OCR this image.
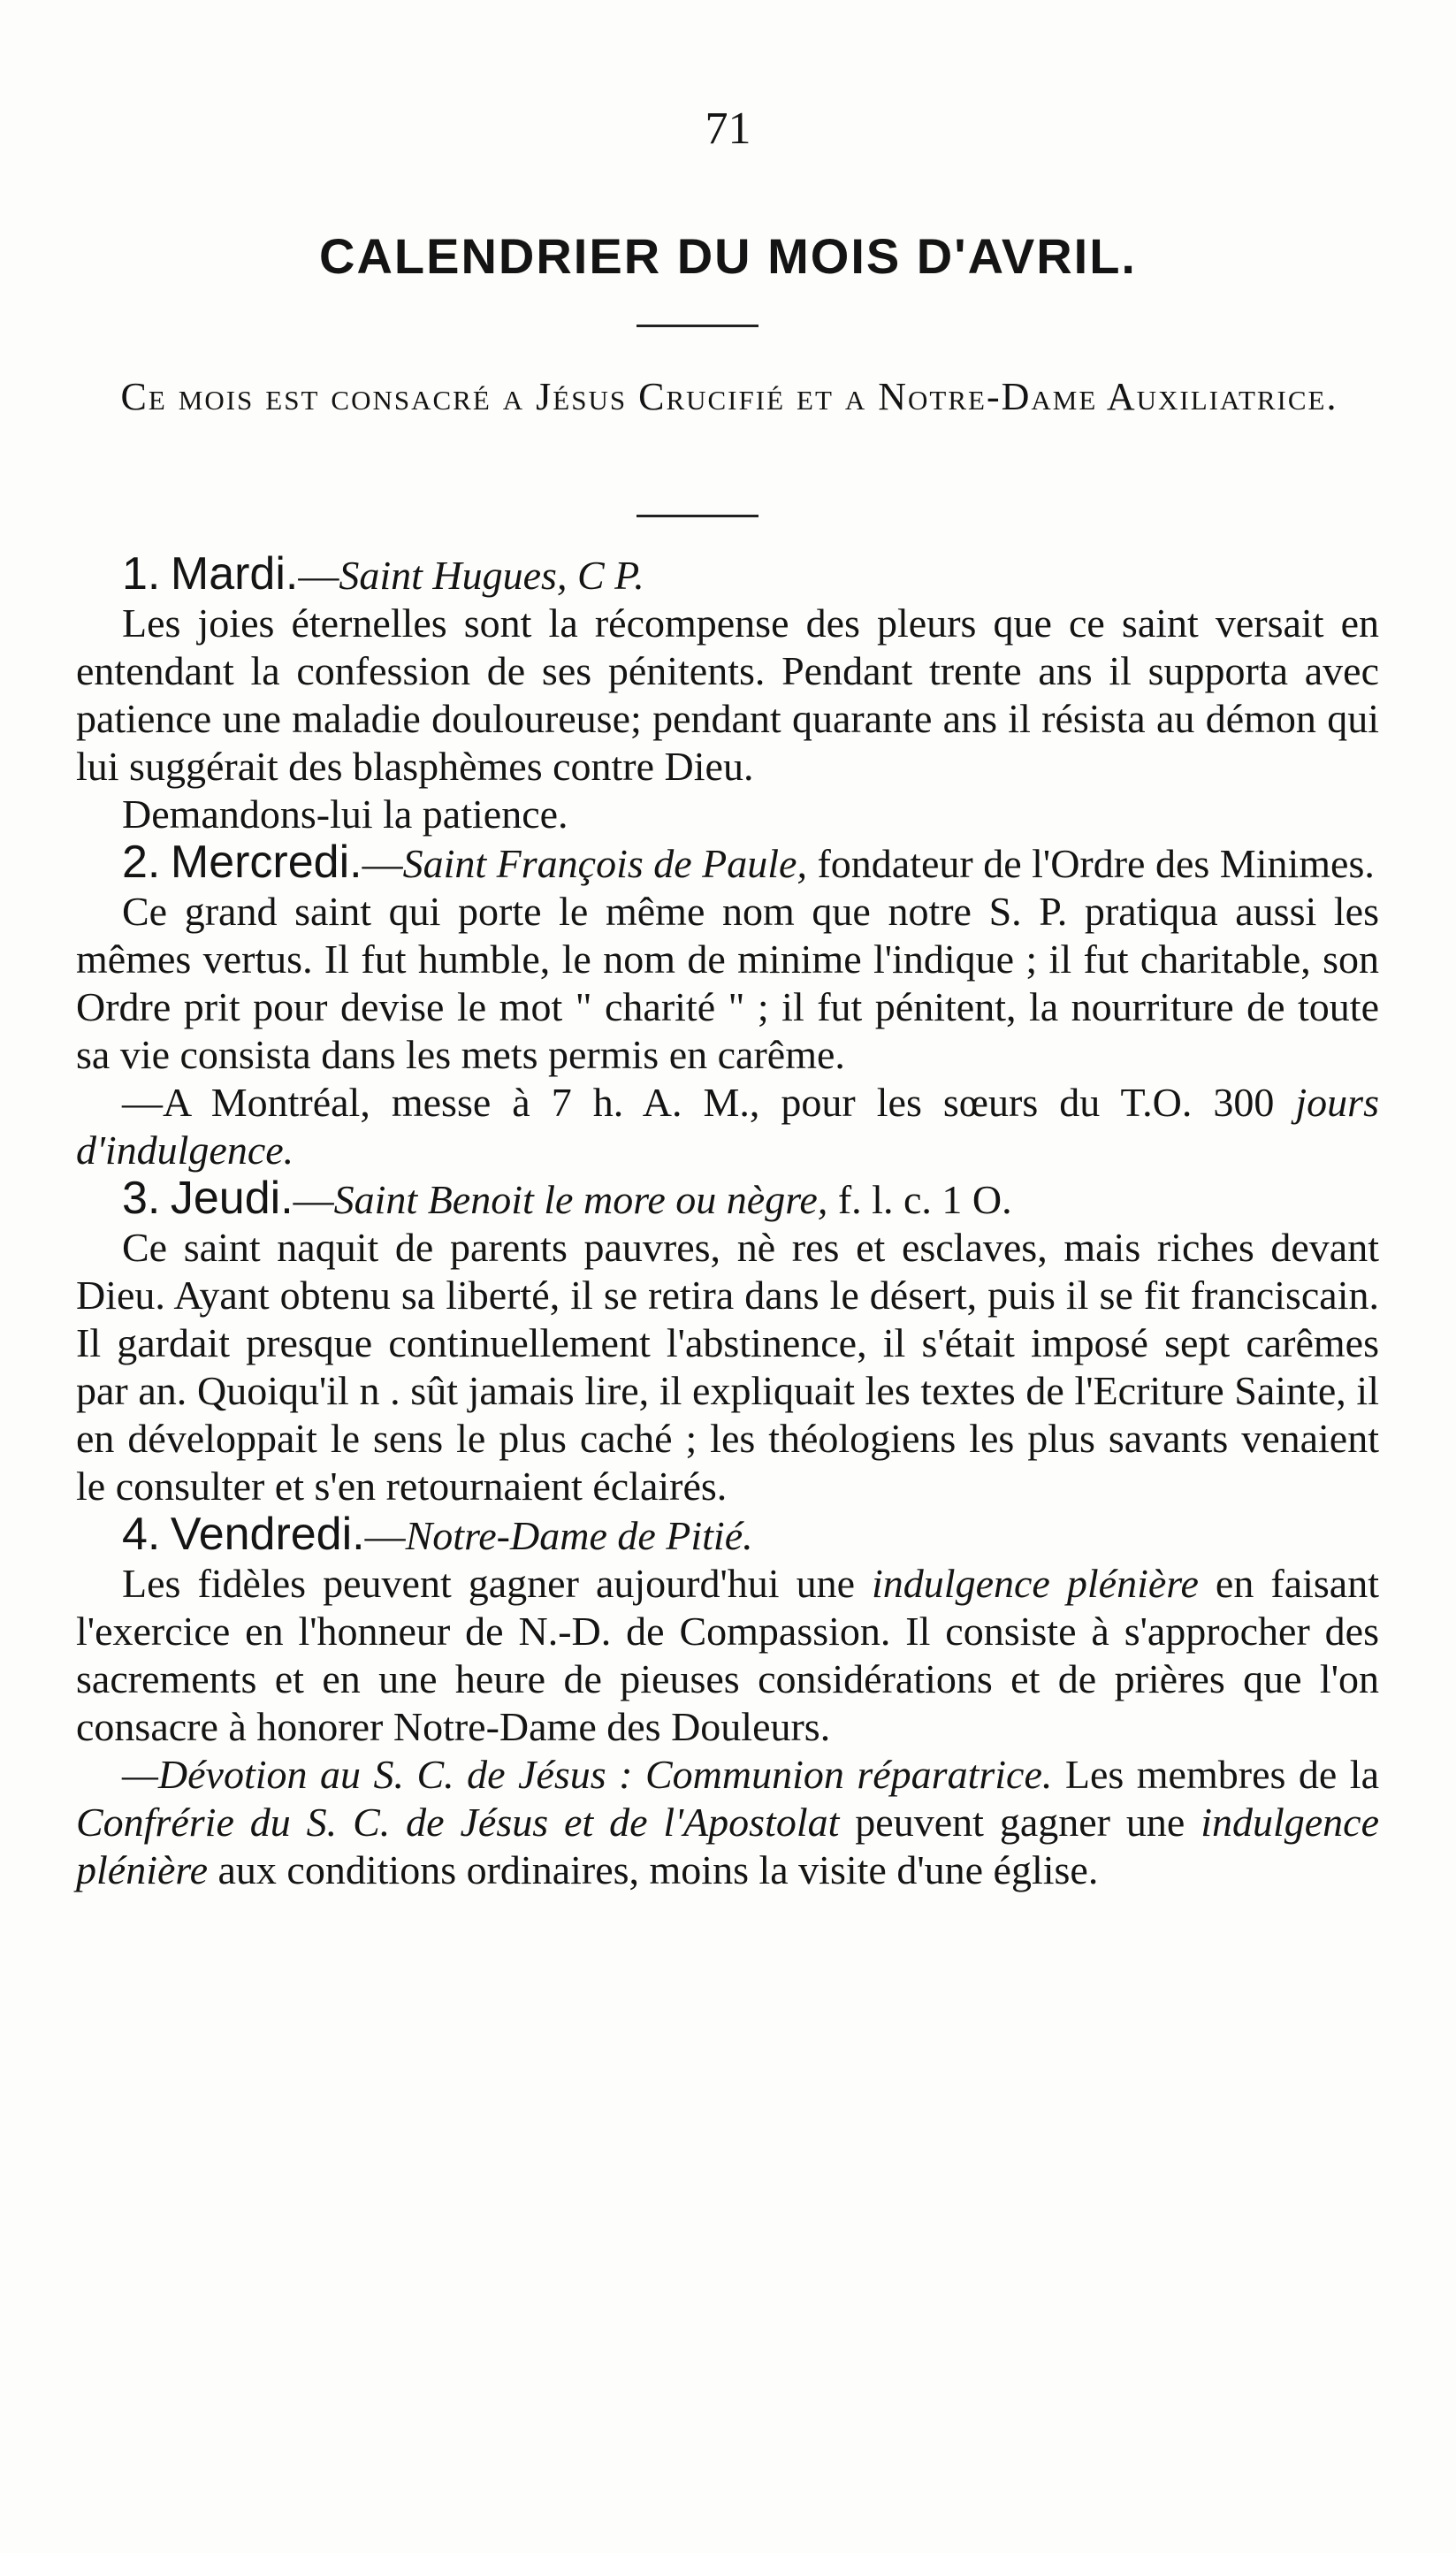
71
CALENDRIER DU MOIS D'AVRIL.
Ce mois est consacré a Jésus Crucifié et a Notre-Dame Auxiliatrice.
1. Mardi.—Saint Hugues, C P.

Les joies éternelles sont la récompense des pleurs que ce saint versait en entendant la confession de ses pénitents. Pendant trente ans il supporta avec patience une maladie douloureuse; pendant quarante ans il résista au démon qui lui suggérait des blasphèmes contre Dieu.

Demandons-lui la patience.

2. Mercredi.—Saint François de Paule, fondateur de l'Ordre des Minimes.

Ce grand saint qui porte le même nom que notre S. P. pratiqua aussi les mêmes vertus. Il fut humble, le nom de minime l'indique ; il fut charitable, son Ordre prit pour devise le mot " charité " ; il fut pénitent, la nourriture de toute sa vie consista dans les mets permis en carême.

—A Montréal, messe à 7 h. A. M., pour les sœurs du T.O. 300 jours d'indulgence.

3. Jeudi.—Saint Benoit le more ou nègre, f. l. c. 1 O.

Ce saint naquit de parents pauvres, nè res et esclaves, mais riches devant Dieu. Ayant obtenu sa liberté, il se retira dans le désert, puis il se fit franciscain. Il gardait presque continuellement l'abstinence, il s'était imposé sept carêmes par an. Quoiqu'il n . sût jamais lire, il expliquait les textes de l'Ecriture Sainte, il en développait le sens le plus caché ; les théologiens les plus savants venaient le consulter et s'en retournaient éclairés.

4. Vendredi.—Notre-Dame de Pitié.

Les fidèles peuvent gagner aujourd'hui une indulgence plénière en faisant l'exercice en l'honneur de N.-D. de Compassion. Il consiste à s'approcher des sacrements et en une heure de pieuses considérations et de prières que l'on consacre à honorer Notre-Dame des Douleurs.

—Dévotion au S. C. de Jésus : Communion réparatrice. Les membres de la Confrérie du S. C. de Jésus et de l'Apostolat peuvent gagner une indulgence plénière aux conditions ordinaires, moins la visite d'une église.
